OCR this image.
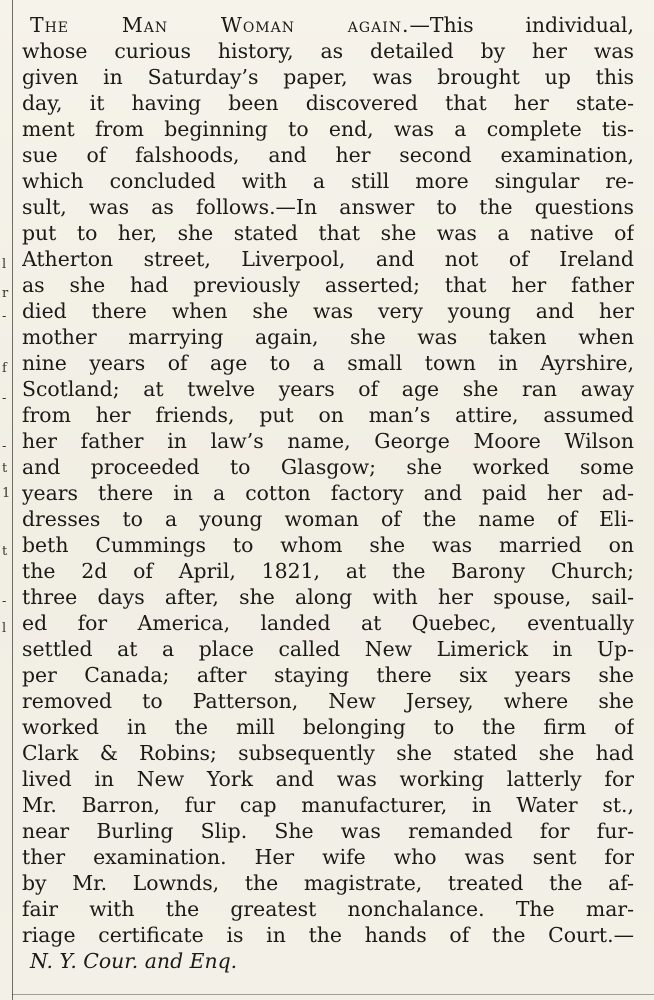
l
r
-
f
-
-
t
1
t
-
l
The Man Woman again.—This individual,
whose curious history, as detailed by her was
given in Saturday’s paper, was brought up this
day, it having been discovered that her state-
ment from beginning to end, was a complete tis-
sue of falshoods, and her second examination,
which concluded with a still more singular re-
sult, was as follows.—In answer to the questions
put to her, she stated that she was a native of
Atherton street, Liverpool, and not of Ireland
as she had previously asserted; that her father
died there when she was very young and her
mother marrying again, she was taken when
nine years of age to a small town in Ayrshire,
Scotland; at twelve years of age she ran away
from her friends, put on man’s attire, assumed
her father in law’s name, George Moore Wilson
and proceeded to Glasgow; she worked some
years there in a cotton factory and paid her ad-
dresses to a young woman of the name of Eli-
beth Cummings to whom she was married on
the 2d of April, 1821, at the Barony Church;
three days after, she along with her spouse, sail-
ed for America, landed at Quebec, eventually
settled at a place called New Limerick in Up-
per Canada; after staying there six years she
removed to Patterson, New Jersey, where she
worked in the mill belonging to the firm of
Clark & Robins; subsequently she stated she had
lived in New York and was working latterly for
Mr. Barron, fur cap manufacturer, in Water st.,
near Burling Slip. She was remanded for fur-
ther examination. Her wife who was sent for
by Mr. Lownds, the magistrate, treated the af-
fair with the greatest nonchalance. The mar-
riage certificate is in the hands of the Court.—
N. Y. Cour. and Enq.
